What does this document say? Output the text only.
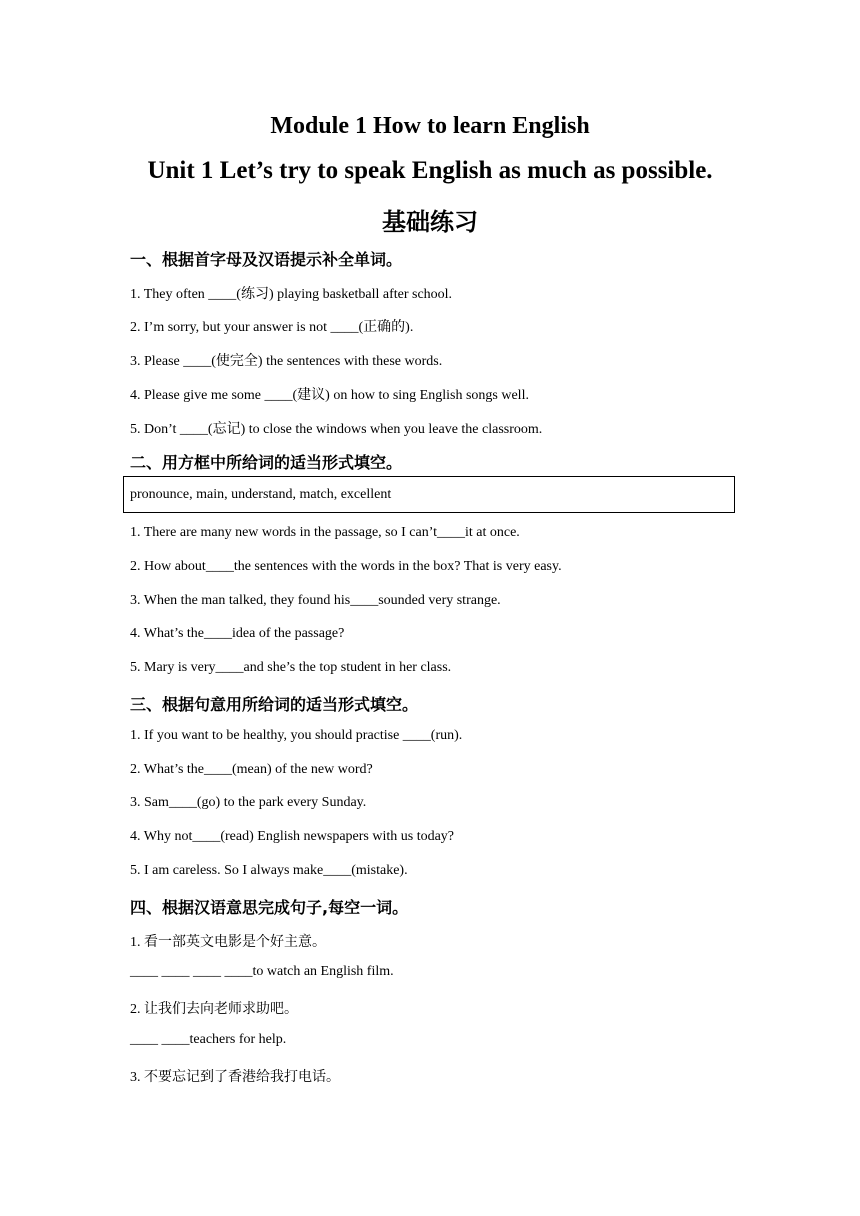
Module 1 How to learn English
Unit 1 Let’s try to speak English as much as possible.
基础练习
一、根据首字母及汉语提示补全单词。
1. They often ____(练习) playing basketball after school.
2. I’m sorry, but your answer is not ____(正确的).
3. Please ____(使完全) the sentences with these words.
4. Please give me some ____(建议) on how to sing English songs well.
5. Don’t ____(忘记) to close the windows when you leave the classroom.
二、用方框中所给词的适当形式填空。
pronounce, main, understand, match, excellent
1. There are many new words in the passage, so I can’t____it at once.
2. How about____the sentences with the words in the box? That is very easy.
3. When the man talked, they found his____sounded very strange.
4. What’s the____idea of the passage?
5. Mary is very____and she’s the top student in her class.
三、根据句意用所给词的适当形式填空。
1. If you want to be healthy, you should practise ____(run).
2. What’s the____(mean) of the new word?
3. Sam____(go) to the park every Sunday.
4. Why not____(read) English newspapers with us today?
5. I am careless. So I always make____(mistake).
四、根据汉语意思完成句子,每空一词。
1. 看一部英文电影是个好主意。
____ ____ ____ ____to watch an English film.
2. 让我们去向老师求助吧。
____ ____teachers for help.
3. 不要忘记到了香港给我打电话。
